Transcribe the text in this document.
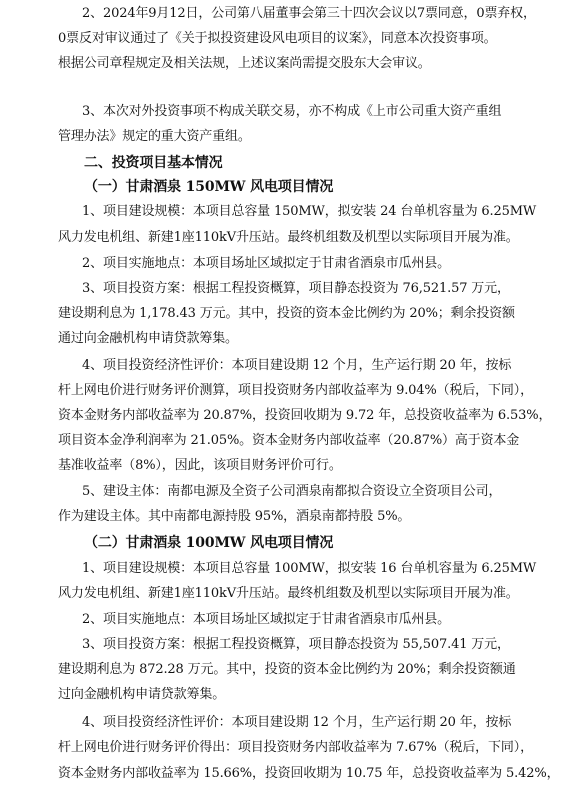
2、2024年9月12日，公司第八届董事会第三十四次会议以7票同意，0票弃权，
0票反对审议通过了《关于拟投资建设风电项目的议案》，同意本次投资事项。
根据公司章程规定及相关法规，上述议案尚需提交股东大会审议。
3、本次对外投资事项不构成关联交易，亦不构成《上市公司重大资产重组
管理办法》规定的重大资产重组。
二、投资项目基本情况
（一）甘肃酒泉 150MW 风电项目情况
1、项目建设规模：本项目总容量 150MW，拟安装 24 台单机容量为 6.25MW
风力发电机组、新建1座110kV升压站。最终机组数及机型以实际项目开展为准。
2、项目实施地点：本项目场址区域拟定于甘肃省酒泉市瓜州县。
3、项目投资方案：根据工程投资概算，项目静态投资为 76,521.57 万元，
建设期利息为 1,178.43 万元。其中，投资的资本金比例约为 20%；剩余投资额
通过向金融机构申请贷款筹集。
4、项目投资经济性评价：本项目建设期 12 个月，生产运行期 20 年，按标
杆上网电价进行财务评价测算，项目投资财务内部收益率为 9.04%（税后，下同），
资本金财务内部收益率为 20.87%，投资回收期为 9.72 年，总投资收益率为 6.53%，
项目资本金净利润率为 21.05%。资本金财务内部收益率（20.87%）高于资本金
基准收益率（8%），因此，该项目财务评价可行。
5、建设主体：南都电源及全资子公司酒泉南都拟合资设立全资项目公司，
作为建设主体。其中南都电源持股 95%，酒泉南都持股 5%。
（二）甘肃酒泉 100MW 风电项目情况
1、项目建设规模：本项目总容量 100MW，拟安装 16 台单机容量为 6.25MW
风力发电机组、新建1座110kV升压站。最终机组数及机型以实际项目开展为准。
2、项目实施地点：本项目场址区域拟定于甘肃省酒泉市瓜州县。
3、项目投资方案：根据工程投资概算，项目静态投资为 55,507.41 万元，
建设期利息为 872.28 万元。其中，投资的资本金比例约为 20%；剩余投资额通
过向金融机构申请贷款筹集。
4、项目投资经济性评价：本项目建设期 12 个月，生产运行期 20 年，按标
杆上网电价进行财务评价得出：项目投资财务内部收益率为 7.67%（税后，下同），
资本金财务内部收益率为 15.66%，投资回收期为 10.75 年，总投资收益率为 5.42%，
